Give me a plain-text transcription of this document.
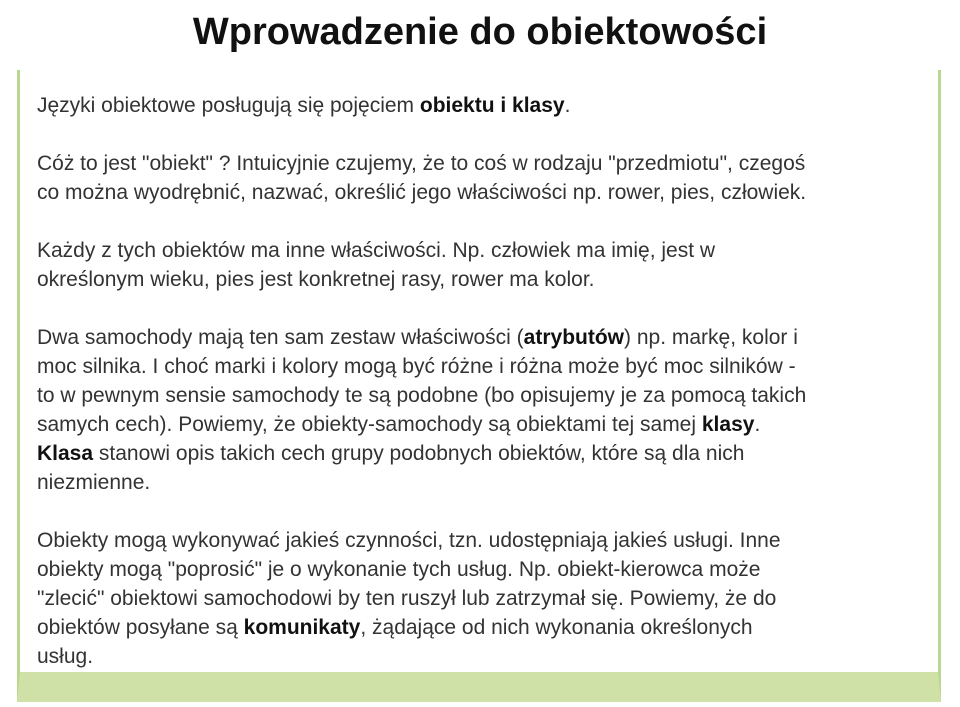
Wprowadzenie do obiektowości

Języki obiektowe posługują się pojęciem obiektu i klasy.

Cóż to jest "obiekt" ? Intuicyjnie czujemy, że to coś w rodzaju "przedmiotu", czegoś
co można wyodrębnić, nazwać, określić jego właściwości np. rower, pies, człowiek.

Każdy z tych obiektów ma inne właściwości. Np. człowiek ma imię, jest w
określonym wieku, pies jest konkretnej rasy, rower ma kolor.

Dwa samochody mają ten sam zestaw właściwości (atrybutów) np. markę, kolor i
moc silnika. I choć marki i kolory mogą być różne i różna może być moc silników -
to w pewnym sensie samochody te są podobne (bo opisujemy je za pomocą takich
samych cech). Powiemy, że obiekty-samochody są obiektami tej samej klasy.
Klasa stanowi opis takich cech grupy podobnych obiektów, które są dla nich
niezmienne.

Obiekty mogą wykonywać jakieś czynności, tzn. udostępniają jakieś usługi. Inne
obiekty mogą "poprosić" je o wykonanie tych usług. Np. obiekt-kierowca może
"zlecić" obiektowi samochodowi by ten ruszył lub zatrzymał się. Powiemy, że do
obiektów posyłane są komunikaty, żądające od nich wykonania określonych
usług.
